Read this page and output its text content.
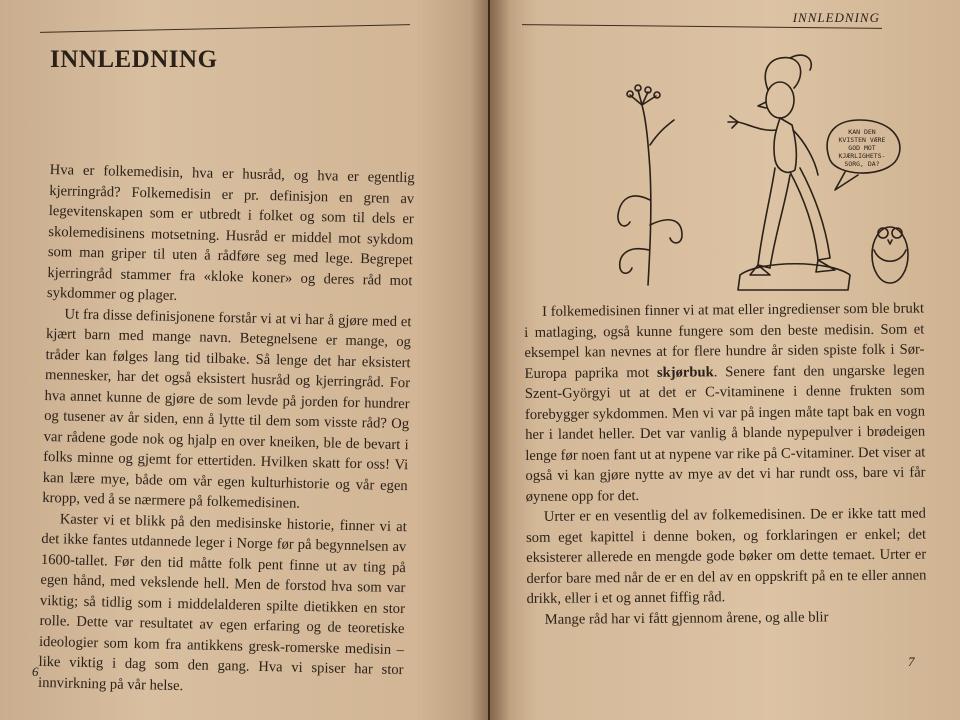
INNLEDNING

Hva er folkemedisin, hva er husråd, og hva er egentlig kjerringråd? Folkemedisin er pr. definisjon en gren av legevitenskapen som er utbredt i folket og som til dels er skolemedisinens motsetning. Husråd er middel mot sykdom som man griper til uten å rådføre seg med lege. Begrepet kjerringråd stammer fra «kloke koner» og deres råd mot sykdommer og plager.

Ut fra disse definisjonene forstår vi at vi har å gjøre med et kjært barn med mange navn. Betegnelsene er mange, og tråder kan følges lang tid tilbake. Så lenge det har eksistert mennesker, har det også eksistert husråd og kjerringråd. For hva annet kunne de gjøre de som levde på jorden for hundrer og tusener av år siden, enn å lytte til dem som visste råd? Og var rådene gode nok og hjalp en over kneiken, ble de bevart i folks minne og gjemt for ettertiden. Hvilken skatt for oss! Vi kan lære mye, både om vår egen kulturhistorie og vår egen kropp, ved å se nærmere på folkemedisinen.

Kaster vi et blikk på den medisinske historie, finner vi at det ikke fantes utdannede leger i Norge før på begynnelsen av 1600-tallet. Før den tid måtte folk pent finne ut av ting på egen hånd, med vekslende hell. Men de forstod hva som var viktig; så tidlig som i middelalderen spilte dietikken en stor rolle. Dette var resultatet av egen erfaring og de teoretiske ideologier som kom fra antikkens gresk-romerske medisin – like viktig i dag som den gang. Hva vi spiser har stor innvirkning på vår helse.

6
INNLEDNING
KAN DEN
KVISTEN VÆRE
GOD MOT
KJÆRLIGHETS-
SORG, DA?

I folkemedisinen finner vi at mat eller ingredienser som ble brukt i matlaging, også kunne fungere som den beste medisin. Som et eksempel kan nevnes at for flere hundre år siden spiste folk i Sør-Europa paprika mot skjørbuk. Senere fant den ungarske legen Szent-Györgyi ut at det er C-vitaminene i denne frukten som forebygger sykdommen. Men vi var på ingen måte tapt bak en vogn her i landet heller. Det var vanlig å blande nypepulver i brødeigen lenge før noen fant ut at nypene var rike på C-vitaminer. Det viser at også vi kan gjøre nytte av mye av det vi har rundt oss, bare vi får øynene opp for det.

Urter er en vesentlig del av folkemedisinen. De er ikke tatt med som eget kapittel i denne boken, og forklaringen er enkel; det eksisterer allerede en mengde gode bøker om dette temaet. Urter er derfor bare med når de er en del av en oppskrift på en te eller annen drikk, eller i et og annet fiffig råd.

Mange råd har vi fått gjennom årene, og alle blir

7
